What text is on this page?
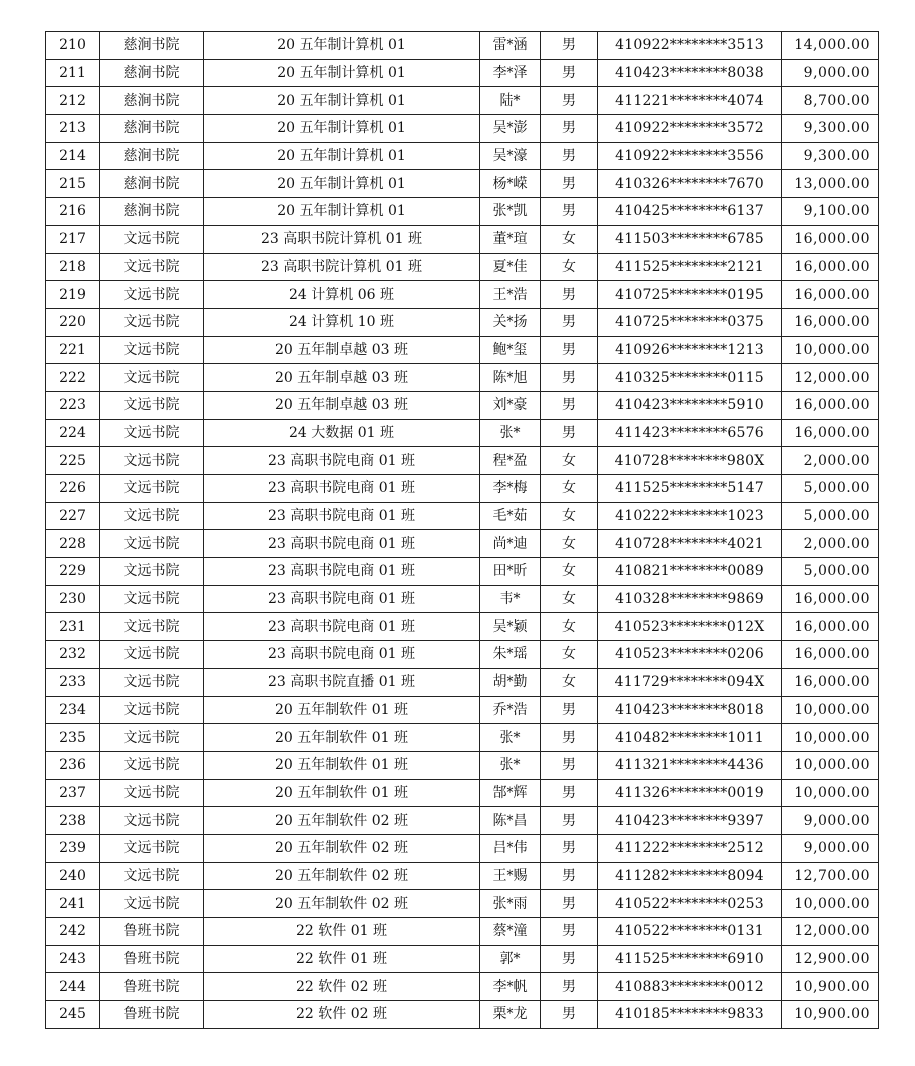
210	慈涧书院	20 五年制计算机 01	雷*涵	男	410922********3513	14,000.00
211	慈涧书院	20 五年制计算机 01	李*泽	男	410423********8038	9,000.00
212	慈涧书院	20 五年制计算机 01	陆*	男	411221********4074	8,700.00
213	慈涧书院	20 五年制计算机 01	吴*澎	男	410922********3572	9,300.00
214	慈涧书院	20 五年制计算机 01	吴*濠	男	410922********3556	9,300.00
215	慈涧书院	20 五年制计算机 01	杨*嵘	男	410326********7670	13,000.00
216	慈涧书院	20 五年制计算机 01	张*凯	男	410425********6137	9,100.00
217	文远书院	23 高职书院计算机 01 班	董*瑄	女	411503********6785	16,000.00
218	文远书院	23 高职书院计算机 01 班	夏*佳	女	411525********2121	16,000.00
219	文远书院	24 计算机 06 班	王*浩	男	410725********0195	16,000.00
220	文远书院	24 计算机 10 班	关*扬	男	410725********0375	16,000.00
221	文远书院	20 五年制卓越 03 班	鲍*玺	男	410926********1213	10,000.00
222	文远书院	20 五年制卓越 03 班	陈*旭	男	410325********0115	12,000.00
223	文远书院	20 五年制卓越 03 班	刘*豪	男	410423********5910	16,000.00
224	文远书院	24 大数据 01 班	张*	男	411423********6576	16,000.00
225	文远书院	23 高职书院电商 01 班	程*盈	女	410728********980X	2,000.00
226	文远书院	23 高职书院电商 01 班	李*梅	女	411525********5147	5,000.00
227	文远书院	23 高职书院电商 01 班	毛*茹	女	410222********1023	5,000.00
228	文远书院	23 高职书院电商 01 班	尚*迪	女	410728********4021	2,000.00
229	文远书院	23 高职书院电商 01 班	田*昕	女	410821********0089	5,000.00
230	文远书院	23 高职书院电商 01 班	韦*	女	410328********9869	16,000.00
231	文远书院	23 高职书院电商 01 班	吴*颖	女	410523********012X	16,000.00
232	文远书院	23 高职书院电商 01 班	朱*瑶	女	410523********0206	16,000.00
233	文远书院	23 高职书院直播 01 班	胡*勤	女	411729********094X	16,000.00
234	文远书院	20 五年制软件 01 班	乔*浩	男	410423********8018	10,000.00
235	文远书院	20 五年制软件 01 班	张*	男	410482********1011	10,000.00
236	文远书院	20 五年制软件 01 班	张*	男	411321********4436	10,000.00
237	文远书院	20 五年制软件 01 班	郜*辉	男	411326********0019	10,000.00
238	文远书院	20 五年制软件 02 班	陈*昌	男	410423********9397	9,000.00
239	文远书院	20 五年制软件 02 班	吕*伟	男	411222********2512	9,000.00
240	文远书院	20 五年制软件 02 班	王*赐	男	411282********8094	12,700.00
241	文远书院	20 五年制软件 02 班	张*雨	男	410522********0253	10,000.00
242	鲁班书院	22 软件 01 班	蔡*潼	男	410522********0131	12,000.00
243	鲁班书院	22 软件 01 班	郭*	男	411525********6910	12,900.00
244	鲁班书院	22 软件 02 班	李*帆	男	410883********0012	10,900.00
245	鲁班书院	22 软件 02 班	栗*龙	男	410185********9833	10,900.00
